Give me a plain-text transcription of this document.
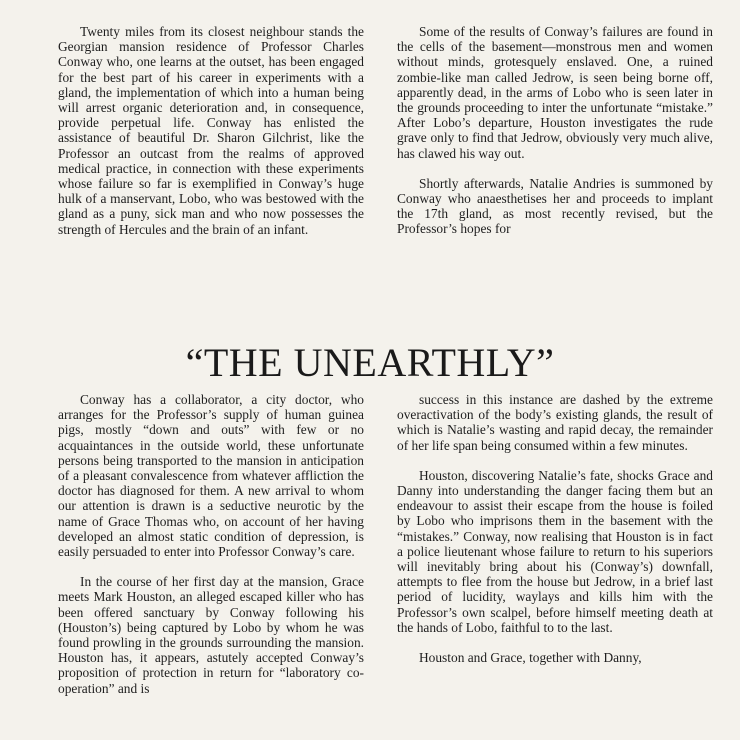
Twenty miles from its closest neighbour stands the Georgian mansion residence of Professor Charles Conway who, one learns at the outset, has been engaged for the best part of his career in experiments with a gland, the implementation of which into a human being will arrest organic deterioration and, in consequence, provide perpetual life. Conway has enlisted the assistance of beautiful Dr. Sharon Gilchrist, like the Professor an outcast from the realms of approved medical practice, in connection with these experiments whose failure so far is exemplified in Conway’s huge hulk of a manservant, Lobo, who was bestowed with the gland as a puny, sick man and who now possesses the strength of Hercules and the brain of an infant.

Some of the results of Conway’s failures are found in the cells of the basement—monstrous men and women without minds, grotesquely enslaved. One, a ruined zombie-like man called Jedrow, is seen being borne off, apparently dead, in the arms of Lobo who is seen later in the grounds proceeding to inter the unfortunate “mistake.” After Lobo’s departure, Houston investigates the rude grave only to find that Jedrow, obviously very much alive, has clawed his way out.

Shortly afterwards, Natalie Andries is summoned by Conway who anaesthetises her and proceeds to implant the 17th gland, as most recently revised, but the Professor’s hopes for

“THE UNEARTHLY”

Conway has a collaborator, a city doctor, who arranges for the Professor’s supply of human guinea pigs, mostly “down and outs” with few or no acquaintances in the outside world, these unfortunate persons being transported to the mansion in anticipation of a pleasant convalescence from whatever affliction the doctor has diagnosed for them. A new arrival to whom our attention is drawn is a seductive neurotic by the name of Grace Thomas who, on account of her having developed an almost static condition of depression, is easily persuaded to enter into Professor Conway’s care.

In the course of her first day at the mansion, Grace meets Mark Houston, an alleged escaped killer who has been offered sanctuary by Conway following his (Houston’s) being captured by Lobo by whom he was found prowling in the grounds surrounding the mansion. Houston has, it appears, astutely accepted Conway’s proposition of protection in return for “laboratory co-operation” and is

success in this instance are dashed by the extreme overactivation of the body’s existing glands, the result of which is Natalie’s wasting and rapid decay, the remainder of her life span being consumed within a few minutes.

Houston, discovering Natalie’s fate, shocks Grace and Danny into understanding the danger facing them but an endeavour to assist their escape from the house is foiled by Lobo who imprisons them in the basement with the “mistakes.” Conway, now realising that Houston is in fact a police lieutenant whose failure to return to his superiors will inevitably bring about his (Conway’s) downfall, attempts to flee from the house but Jedrow, in a brief last period of lucidity, waylays and kills him with the Professor’s own scalpel, before himself meeting death at the hands of Lobo, faithful to to the last.

Houston and Grace, together with Danny,
